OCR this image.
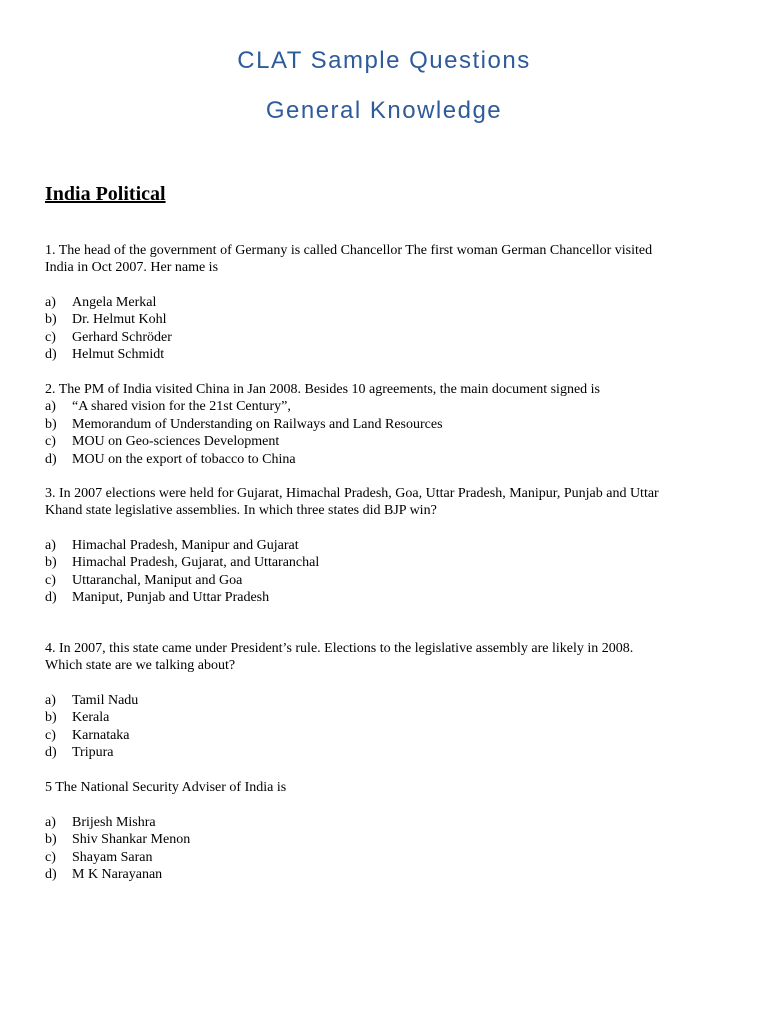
CLAT Sample Questions
General Knowledge
India Political

1. The head of the government of Germany is called Chancellor The first woman German Chancellor visited

India in Oct 2007. Her name is

a)	Angela Merkal
b)	Dr. Helmut Kohl
c)	Gerhard Schröder
d)	Helmut Schmidt

2. The PM of India visited China in Jan 2008. Besides 10 agreements, the main document signed is

a)	“A shared vision for the 21st Century”,
b)	Memorandum of Understanding on Railways and Land Resources
c)	MOU on Geo-sciences Development
d)	MOU on the export of tobacco to China

3. In 2007 elections were held for Gujarat, Himachal Pradesh, Goa, Uttar Pradesh, Manipur, Punjab and Uttar

Khand state legislative assemblies. In which three states did BJP win?

a)	Himachal Pradesh, Manipur and Gujarat
b)	Himachal Pradesh, Gujarat, and Uttaranchal
c)	Uttaranchal, Maniput and Goa
d)	Maniput, Punjab and Uttar Pradesh

4. In 2007, this state came under President’s rule. Elections to the legislative assembly are likely in 2008.

Which state are we talking about?

a)	Tamil Nadu
b)	Kerala
c)	Karnataka
d)	Tripura

5 The National Security Adviser of India is

a)	Brijesh Mishra
b)	Shiv Shankar Menon
c)	Shayam Saran
d)	M K Narayanan
